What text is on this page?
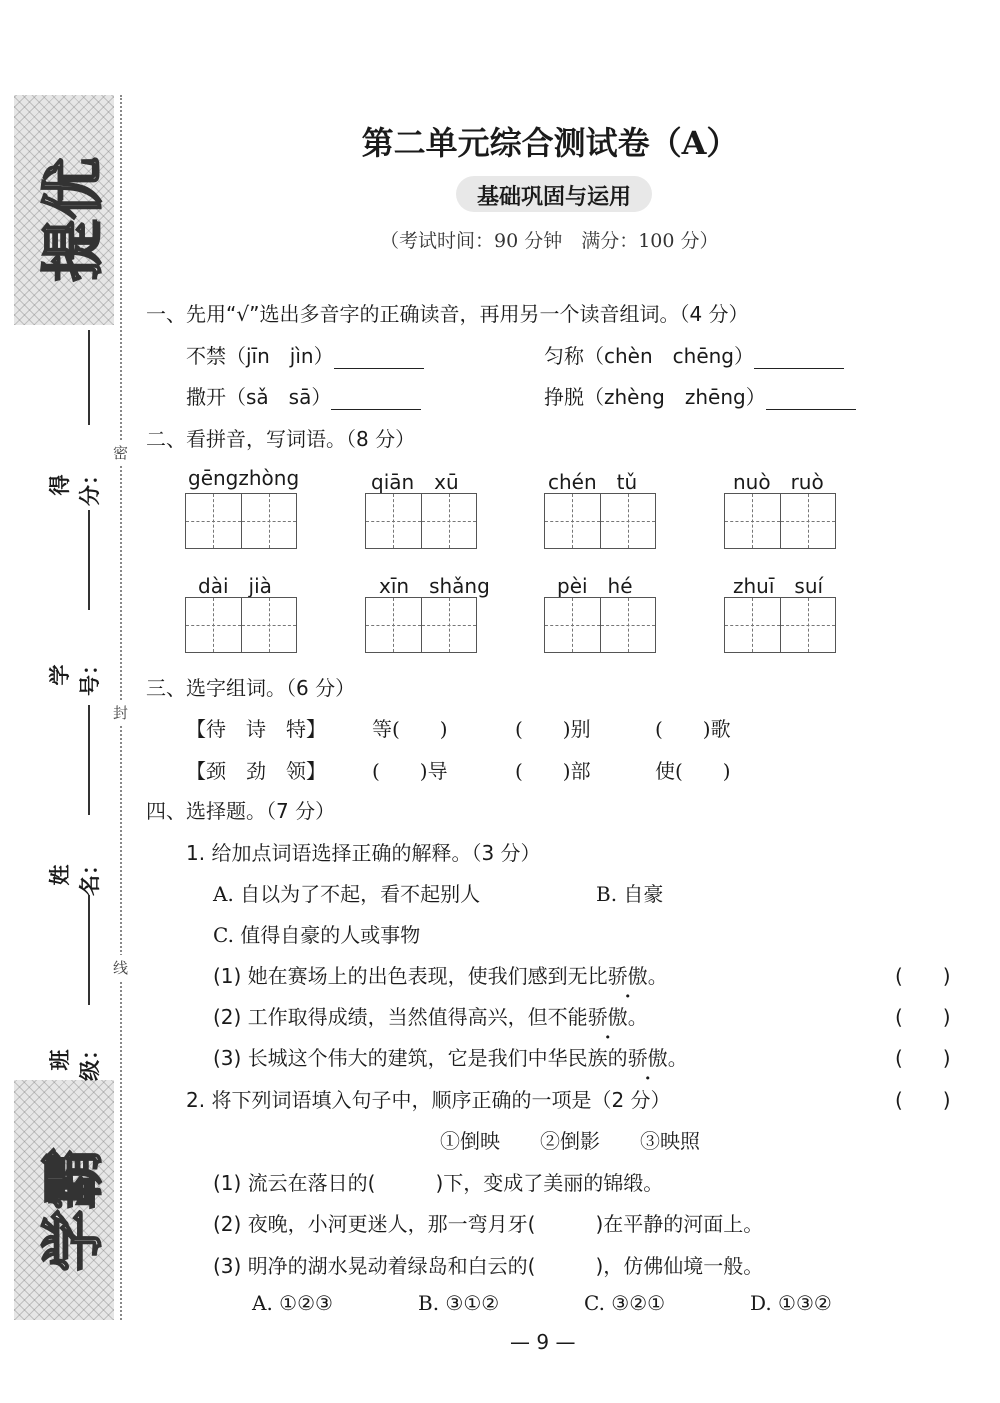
提优
学霸
密
封
线
得分：
学号：
姓名：
班级：
第二单元综合测试卷（A）
基础巩固与运用
（考试时间：90 分钟　满分：100 分）
一、先用“√”选出多音字的正确读音，再用另一个读音组词。（4 分）
不禁（jīn　jìn）	匀称（chèn　chēng）
撒开（sǎ　sā）	挣脱（zhèng　zhēng）
二、看拼音，写词语。（8 分）
gēngzhòng	qiān　xū	chén　tǔ	nuò　ruò
dài　jià	xīn　shǎng	pèi　hé	zhuī　suí
三、选字组词。（6 分）
【待　诗　特】 等(　　)	(　　)别	(　　)歌
【颈　劲　领】 (　　)导	(　　)部	使(　　)
四、选择题。（7 分）
1. 给加点词语选择正确的解释。（3 分）
A. 自以为了不起，看不起别人	B. 自豪
C. 值得自豪的人或事物
(1) 她在赛场上的出色表现，使我们感到无比骄傲。	(　　)
(2) 工作取得成绩，当然值得高兴，但不能骄傲。	(　　)
(3) 长城这个伟大的建筑，它是我们中华民族的骄傲。	(　　)
2. 将下列词语填入句子中，顺序正确的一项是（2 分）	(　　)
①倒映　　②倒影　　③映照
(1) 流云在落日的(　　　)下，变成了美丽的锦缎。
(2) 夜晚，小河更迷人，那一弯月牙(　　　)在平静的河面上。
(3) 明净的湖水晃动着绿岛和白云的(　　　)，仿佛仙境一般。
A. ①②③	B. ③①②	C. ③②①	D. ①③②
— 9 —
